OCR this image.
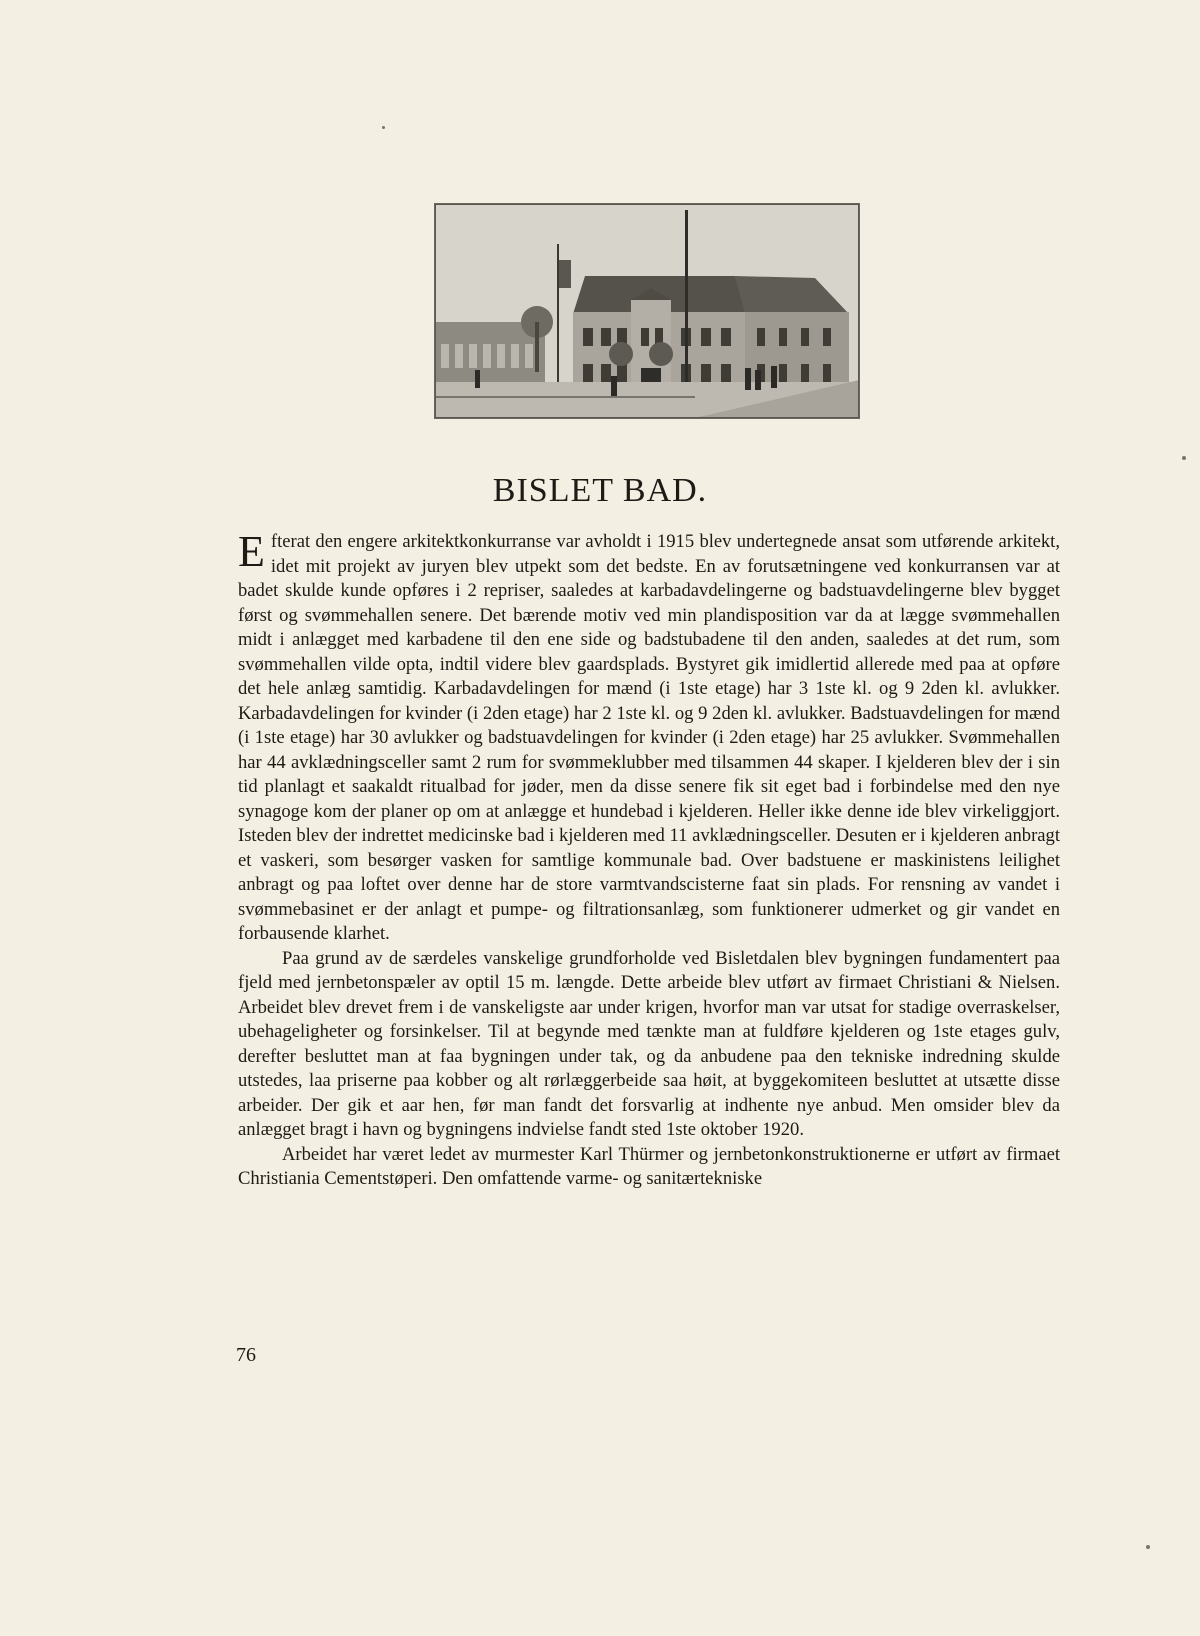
BISLET BAD.

Efterat den engere arkitektkonkurranse var avholdt i 1915 blev undertegnede ansat som utførende arkitekt, idet mit projekt av juryen blev utpekt som det bedste. En av forutsætningene ved konkurransen var at badet skulde kunde opføres i 2 repriser, saaledes at karbadavdelingerne og badstuavdelingerne blev bygget først og svømmehallen senere. Det bærende motiv ved min plandisposition var da at lægge svømmehallen midt i anlægget med karbadene til den ene side og badstubadene til den anden, saaledes at det rum, som svømmehallen vilde opta, indtil videre blev gaardsplads. Bystyret gik imidlertid allerede med paa at opføre det hele anlæg samtidig. Karbadavdelingen for mænd (i 1ste etage) har 3 1ste kl. og 9 2den kl. avlukker. Karbadavdelingen for kvinder (i 2den etage) har 2 1ste kl. og 9 2den kl. avlukker. Badstuavdelingen for mænd (i 1ste etage) har 30 avlukker og badstuavdelingen for kvinder (i 2den etage) har 25 avlukker. Svømmehallen har 44 avklædningsceller samt 2 rum for svømmeklubber med tilsammen 44 skaper. I kjelderen blev der i sin tid planlagt et saakaldt ritualbad for jøder, men da disse senere fik sit eget bad i forbindelse med den nye synagoge kom der planer op om at anlægge et hundebad i kjelderen. Heller ikke denne ide blev virkeliggjort. Isteden blev der indrettet medicinske bad i kjelderen med 11 avklædningsceller. Desuten er i kjelderen anbragt et vaskeri, som besørger vasken for samtlige kommunale bad. Over badstuene er maskinistens leilighet anbragt og paa loftet over denne har de store varmtvandscisterne faat sin plads. For rensning av vandet i svømmebasinet er der anlagt et pumpe- og filtrationsanlæg, som funktionerer udmerket og gir vandet en forbausende klarhet.

Paa grund av de særdeles vanskelige grundforholde ved Bisletdalen blev bygningen fundamentert paa fjeld med jernbetonspæler av optil 15 m. længde. Dette arbeide blev utført av firmaet Christiani & Nielsen. Arbeidet blev drevet frem i de vanskeligste aar under krigen, hvorfor man var utsat for stadige overraskelser, ubehageligheter og forsinkelser. Til at begynde med tænkte man at fuldføre kjelderen og 1ste etages gulv, derefter besluttet man at faa bygningen under tak, og da anbudene paa den tekniske indredning skulde utstedes, laa priserne paa kobber og alt rørlæggerbeide saa høit, at byggekomiteen besluttet at utsætte disse arbeider. Der gik et aar hen, før man fandt det forsvarlig at indhente nye anbud. Men omsider blev da anlægget bragt i havn og bygningens indvielse fandt sted 1ste oktober 1920.

Arbeidet har været ledet av murmester Karl Thürmer og jernbetonkonstruktionerne er utført av firmaet Christiania Cementstøperi. Den omfattende varme- og sanitærtekniske

76
